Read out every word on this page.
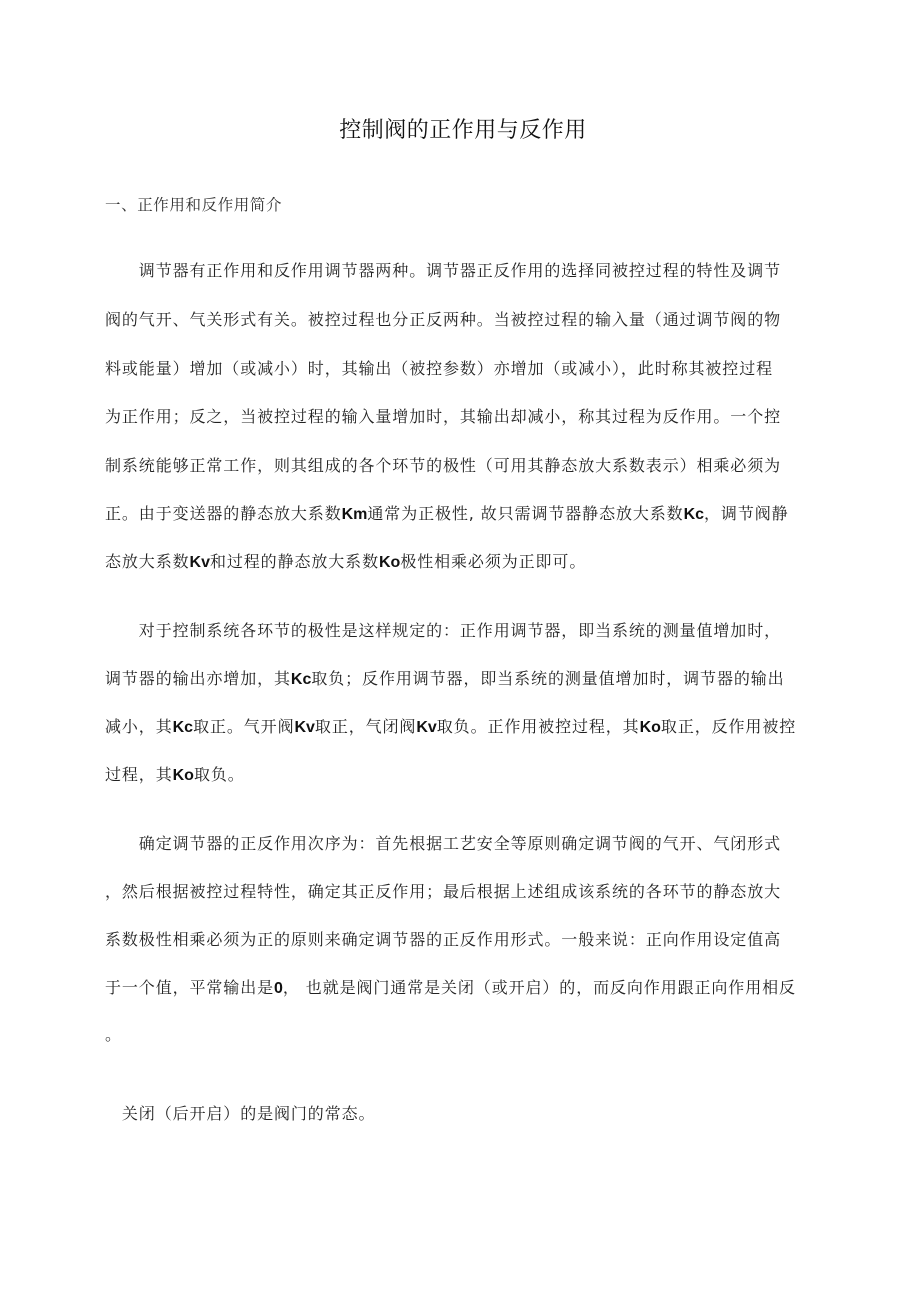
控制阀的正作用与反作用
一、正作用和反作用简介
　　调节器有正作用和反作用调节器两种。调节器正反作用的选择同被控过程的特性及调节
阀的气开、气关形式有关。被控过程也分正反两种。当被控过程的输入量（通过调节阀的物
料或能量）增加（或减小）时，其输出（被控参数）亦增加（或减小），此时称其被控过程
为正作用；反之，当被控过程的输入量增加时，其输出却减小，称其过程为反作用。一个控
制系统能够正常工作，则其组成的各个环节的极性（可用其静态放大系数表示）相乘必须为
正。由于变送器的静态放大系数Km通常为正极性, 故只需调节器静态放大系数Kc，调节阀静
态放大系数Kv和过程的静态放大系数Ko极性相乘必须为正即可。
　　对于控制系统各环节的极性是这样规定的：正作用调节器，即当系统的测量值增加时，
调节器的输出亦增加，其Kc取负；反作用调节器，即当系统的测量值增加时，调节器的输出
减小，其Kc取正。气开阀Kv取正，气闭阀Kv取负。正作用被控过程，其Ko取正，反作用被控
过程，其Ko取负。
　　确定调节器的正反作用次序为：首先根据工艺安全等原则确定调节阀的气开、气闭形式
，然后根据被控过程特性，确定其正反作用；最后根据上述组成该系统的各环节的静态放大
系数极性相乘必须为正的原则来确定调节器的正反作用形式。一般来说：正向作用设定值高
于一个值，平常输出是0， 也就是阀门通常是关闭（或开启）的，而反向作用跟正向作用相反
。
　关闭（后开启）的是阀门的常态。
